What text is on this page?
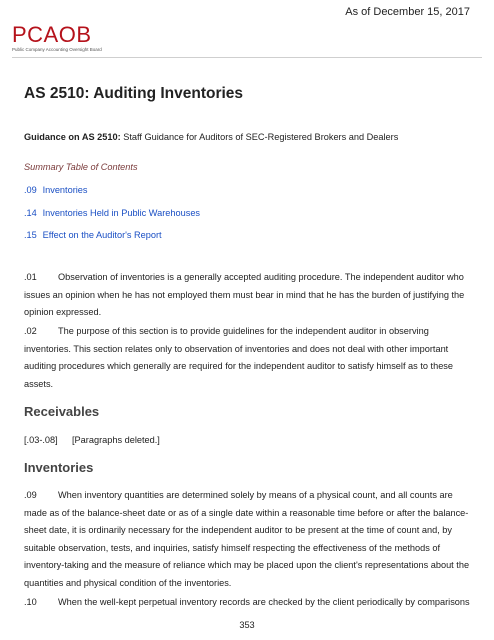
As of December 15, 2017
PCAOB
Public Company Accounting Oversight Board
AS 2510: Auditing Inventories
Guidance on AS 2510: Staff Guidance for Auditors of SEC-Registered Brokers and Dealers
Summary Table of Contents
.09 Inventories
.14 Inventories Held in Public Warehouses
.15 Effect on the Auditor's Report

.01 Observation of inventories is a generally accepted auditing procedure. The independent auditor who issues an opinion when he has not employed them must bear in mind that he has the burden of justifying the opinion expressed.

.02 The purpose of this section is to provide guidelines for the independent auditor in observing inventories. This section relates only to observation of inventories and does not deal with other important auditing procedures which generally are required for the independent auditor to satisfy himself as to these assets.

Receivables
[.03-.08] [Paragraphs deleted.]
Inventories

.09 When inventory quantities are determined solely by means of a physical count, and all counts are made as of the balance-sheet date or as of a single date within a reasonable time before or after the balance-sheet date, it is ordinarily necessary for the independent auditor to be present at the time of count and, by suitable observation, tests, and inquiries, satisfy himself respecting the effectiveness of the methods of inventory-taking and the measure of reliance which may be placed upon the client's representations about the quantities and physical condition of the inventories.

.10 When the well-kept perpetual inventory records are checked by the client periodically by comparisons

353
